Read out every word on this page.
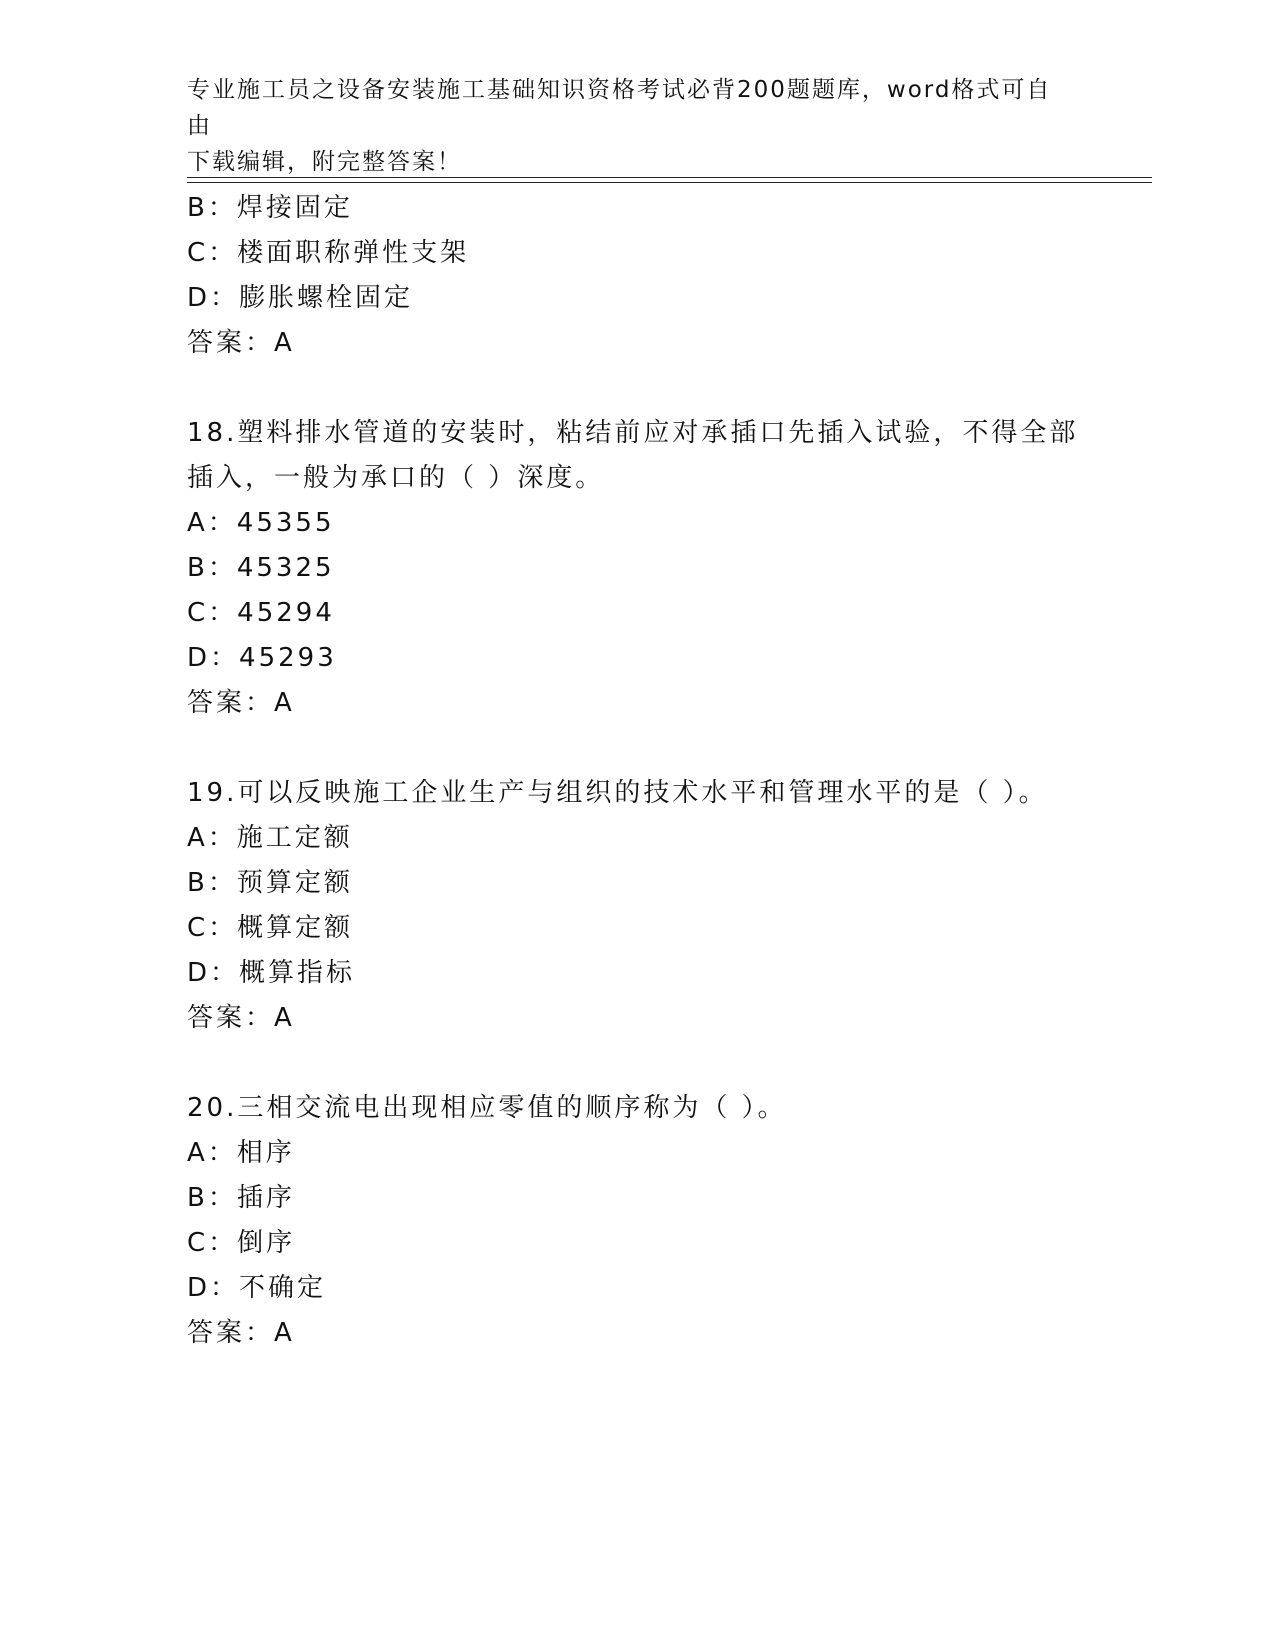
专业施工员之设备安装施工基础知识资格考试必背200题题库，word格式可自由
下载编辑，附完整答案！
B：焊接固定
C：楼面职称弹性支架
D：膨胀螺栓固定
答案：A
18.塑料排水管道的安装时，粘结前应对承插口先插入试验，不得全部
插入，一般为承口的（ ）深度。
A：45355
B：45325
C：45294
D：45293
答案：A
19.可以反映施工企业生产与组织的技术水平和管理水平的是（ ）。
A：施工定额
B：预算定额
C：概算定额
D：概算指标
答案：A
20.三相交流电出现相应零值的顺序称为（ ）。
A：相序
B：插序
C：倒序
D：不确定
答案：A
